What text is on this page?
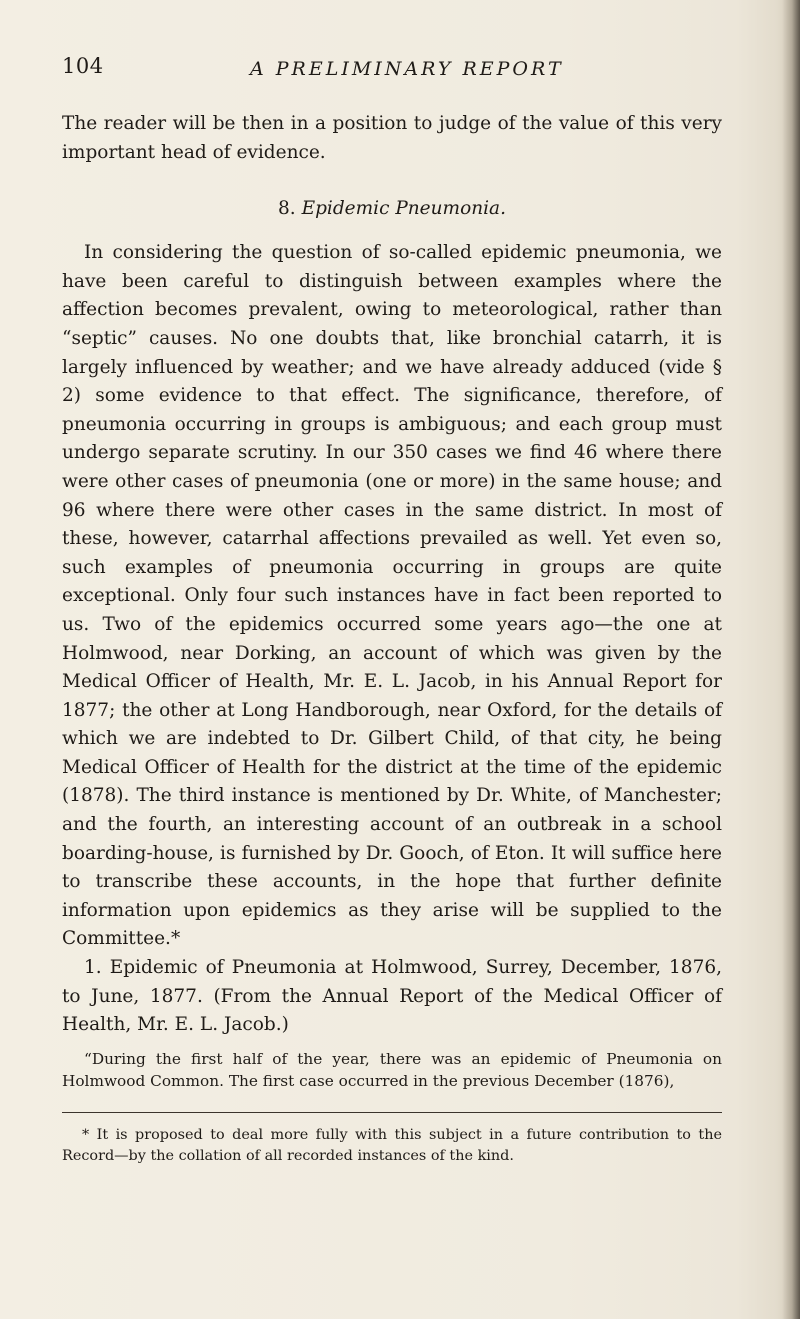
104	A PRELIMINARY REPORT

The reader will be then in a position to judge of the value of this very important head of evidence.

8. Epidemic Pneumonia.

In considering the question of so-called epidemic pneumonia, we have been careful to distinguish between examples where the affection becomes prevalent, owing to meteorological, rather than “septic” causes. No one doubts that, like bronchial catarrh, it is largely influenced by weather; and we have already adduced (vide § 2) some evidence to that effect. The significance, therefore, of pneumonia occurring in groups is ambiguous; and each group must undergo separate scrutiny. In our 350 cases we find 46 where there were other cases of pneumonia (one or more) in the same house; and 96 where there were other cases in the same district. In most of these, however, catarrhal affections prevailed as well. Yet even so, such examples of pneumonia occurring in groups are quite exceptional. Only four such instances have in fact been reported to us. Two of the epidemics occurred some years ago—the one at Holmwood, near Dorking, an account of which was given by the Medical Officer of Health, Mr. E. L. Jacob, in his Annual Report for 1877; the other at Long Handborough, near Oxford, for the details of which we are indebted to Dr. Gilbert Child, of that city, he being Medical Officer of Health for the district at the time of the epidemic (1878). The third instance is mentioned by Dr. White, of Manchester; and the fourth, an interesting account of an outbreak in a school boarding-house, is furnished by Dr. Gooch, of Eton. It will suffice here to transcribe these accounts, in the hope that further definite information upon epidemics as they arise will be supplied to the Committee.*

1. Epidemic of Pneumonia at Holmwood, Surrey, December, 1876, to June, 1877. (From the Annual Report of the Medical Officer of Health, Mr. E. L. Jacob.)

“During the first half of the year, there was an epidemic of Pneumonia on Holmwood Common. The first case occurred in the previous December (1876),

* It is proposed to deal more fully with this subject in a future contribution to the Record—by the collation of all recorded instances of the kind.
